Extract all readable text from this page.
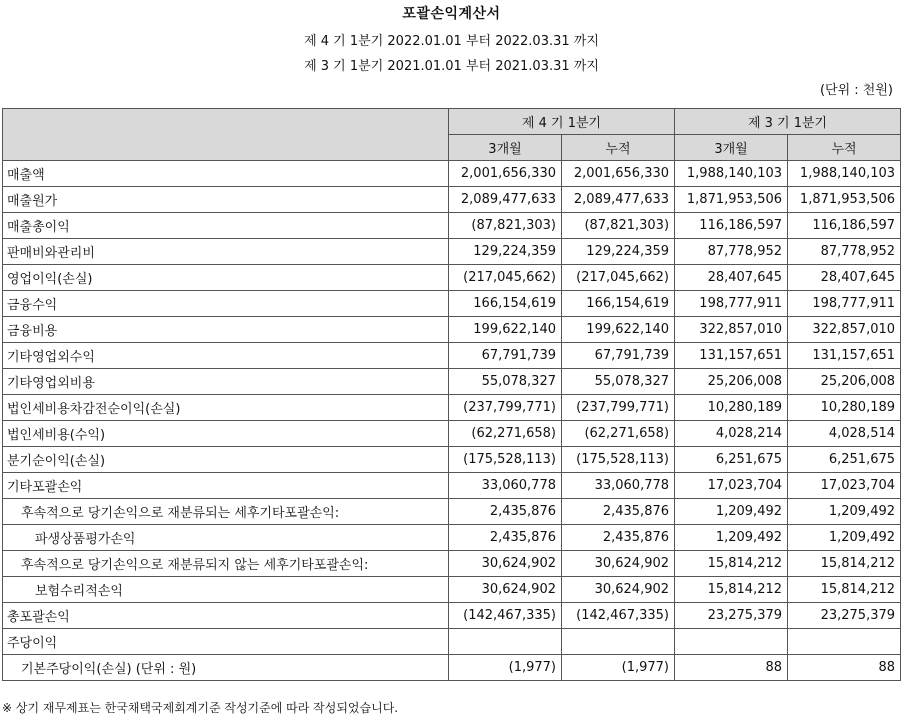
포괄손익계산서
제 4 기 1분기 2022.01.01 부터 2022.03.31 까지
제 3 기 1분기 2021.01.01 부터 2021.03.31 까지
(단위 : 천원)
	제 4 기 1분기		제 3 기 1분기	
	3개월	누적	3개월	누적
매출액	2,001,656,330	2,001,656,330	1,988,140,103	1,988,140,103
매출원가	2,089,477,633	2,089,477,633	1,871,953,506	1,871,953,506
매출총이익	(87,821,303)	(87,821,303)	116,186,597	116,186,597
판매비와관리비	129,224,359	129,224,359	87,778,952	87,778,952
영업이익(손실)	(217,045,662)	(217,045,662)	28,407,645	28,407,645
금융수익	166,154,619	166,154,619	198,777,911	198,777,911
금융비용	199,622,140	199,622,140	322,857,010	322,857,010
기타영업외수익	67,791,739	67,791,739	131,157,651	131,157,651
기타영업외비용	55,078,327	55,078,327	25,206,008	25,206,008
법인세비용차감전순이익(손실)	(237,799,771)	(237,799,771)	10,280,189	10,280,189
법인세비용(수익)	(62,271,658)	(62,271,658)	4,028,214	4,028,514
분기순이익(손실)	(175,528,113)	(175,528,113)	6,251,675	6,251,675
기타포괄손익	33,060,778	33,060,778	17,023,704	17,023,704
후속적으로 당기손익으로 재분류되는 세후기타포괄손익:	2,435,876	2,435,876	1,209,492	1,209,492
파생상품평가손익	2,435,876	2,435,876	1,209,492	1,209,492
후속적으로 당기손익으로 재분류되지 않는 세후기타포괄손익:	30,624,902	30,624,902	15,814,212	15,814,212
보험수리적손익	30,624,902	30,624,902	15,814,212	15,814,212
총포괄손익	(142,467,335)	(142,467,335)	23,275,379	23,275,379
주당이익				
기본주당이익(손실) (단위 : 원)	(1,977)	(1,977)	88	88
※ 상기 재무제표는 한국채택국제회계기준 작성기준에 따라 작성되었습니다.
